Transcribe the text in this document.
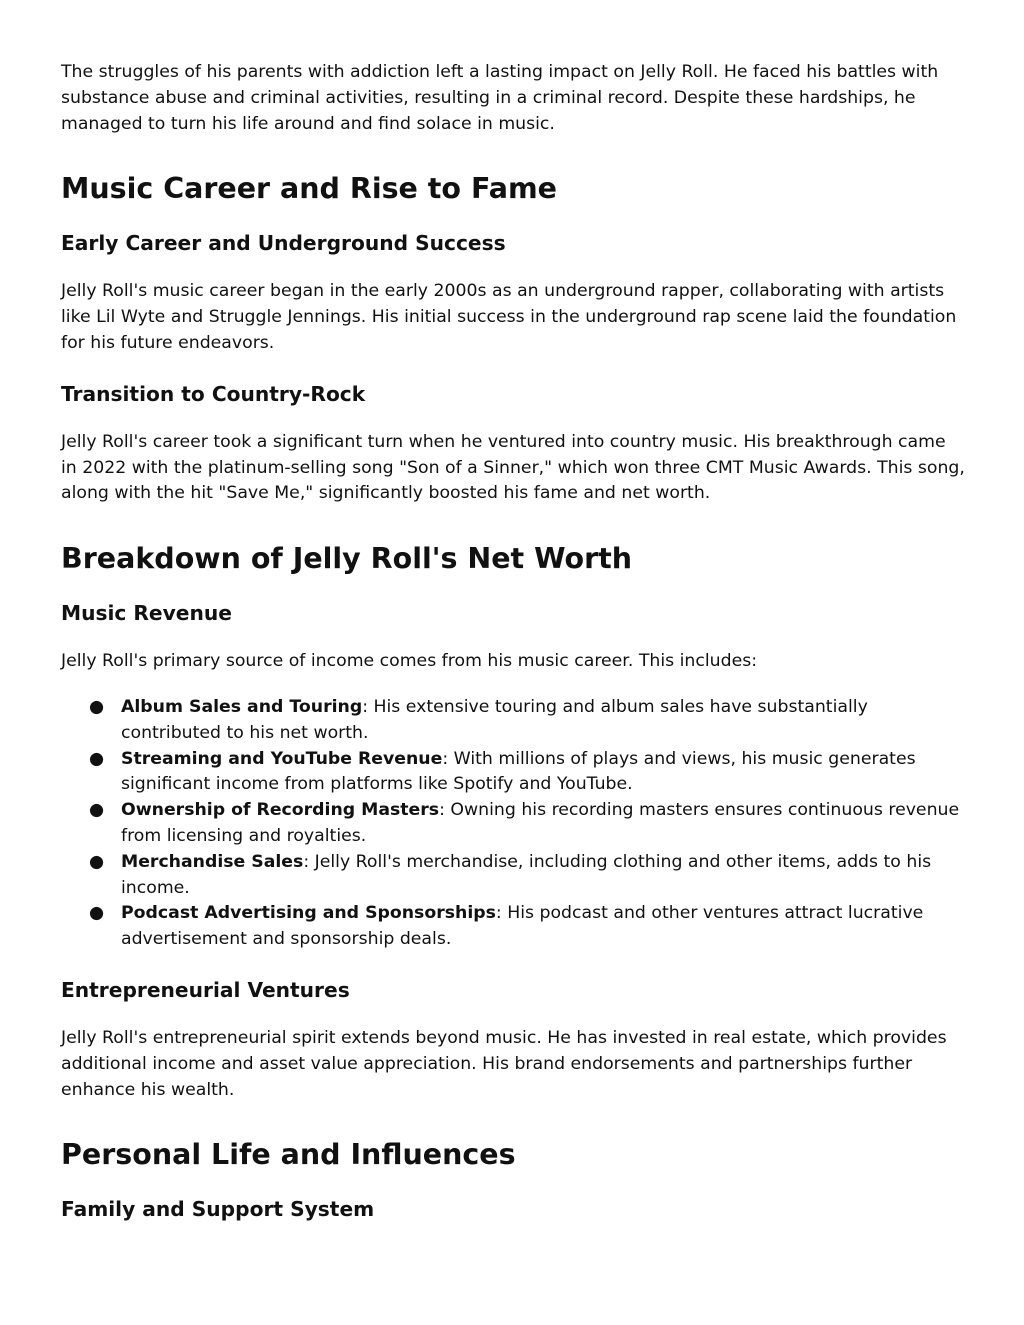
The struggles of his parents with addiction left a lasting impact on Jelly Roll. He faced his battles with substance abuse and criminal activities, resulting in a criminal record. Despite these hardships, he managed to turn his life around and find solace in music.

Music Career and Rise to Fame
Early Career and Underground Success

Jelly Roll's music career began in the early 2000s as an underground rapper, collaborating with artists like Lil Wyte and Struggle Jennings. His initial success in the underground rap scene laid the foundation for his future endeavors.

Transition to Country-Rock

Jelly Roll's career took a significant turn when he ventured into country music. His breakthrough came in 2022 with the platinum-selling song "Son of a Sinner," which won three CMT Music Awards. This song, along with the hit "Save Me," significantly boosted his fame and net worth.

Breakdown of Jelly Roll's Net Worth
Music Revenue

Jelly Roll's primary source of income comes from his music career. This includes:

● Album Sales and Touring: His extensive touring and album sales have substantially contributed to his net worth.
● Streaming and YouTube Revenue: With millions of plays and views, his music generates significant income from platforms like Spotify and YouTube.
● Ownership of Recording Masters: Owning his recording masters ensures continuous revenue from licensing and royalties.
● Merchandise Sales: Jelly Roll's merchandise, including clothing and other items, adds to his income.
● Podcast Advertising and Sponsorships: His podcast and other ventures attract lucrative advertisement and sponsorship deals.
Entrepreneurial Ventures

Jelly Roll's entrepreneurial spirit extends beyond music. He has invested in real estate, which provides additional income and asset value appreciation. His brand endorsements and partnerships further enhance his wealth.

Personal Life and Influences
Family and Support System
